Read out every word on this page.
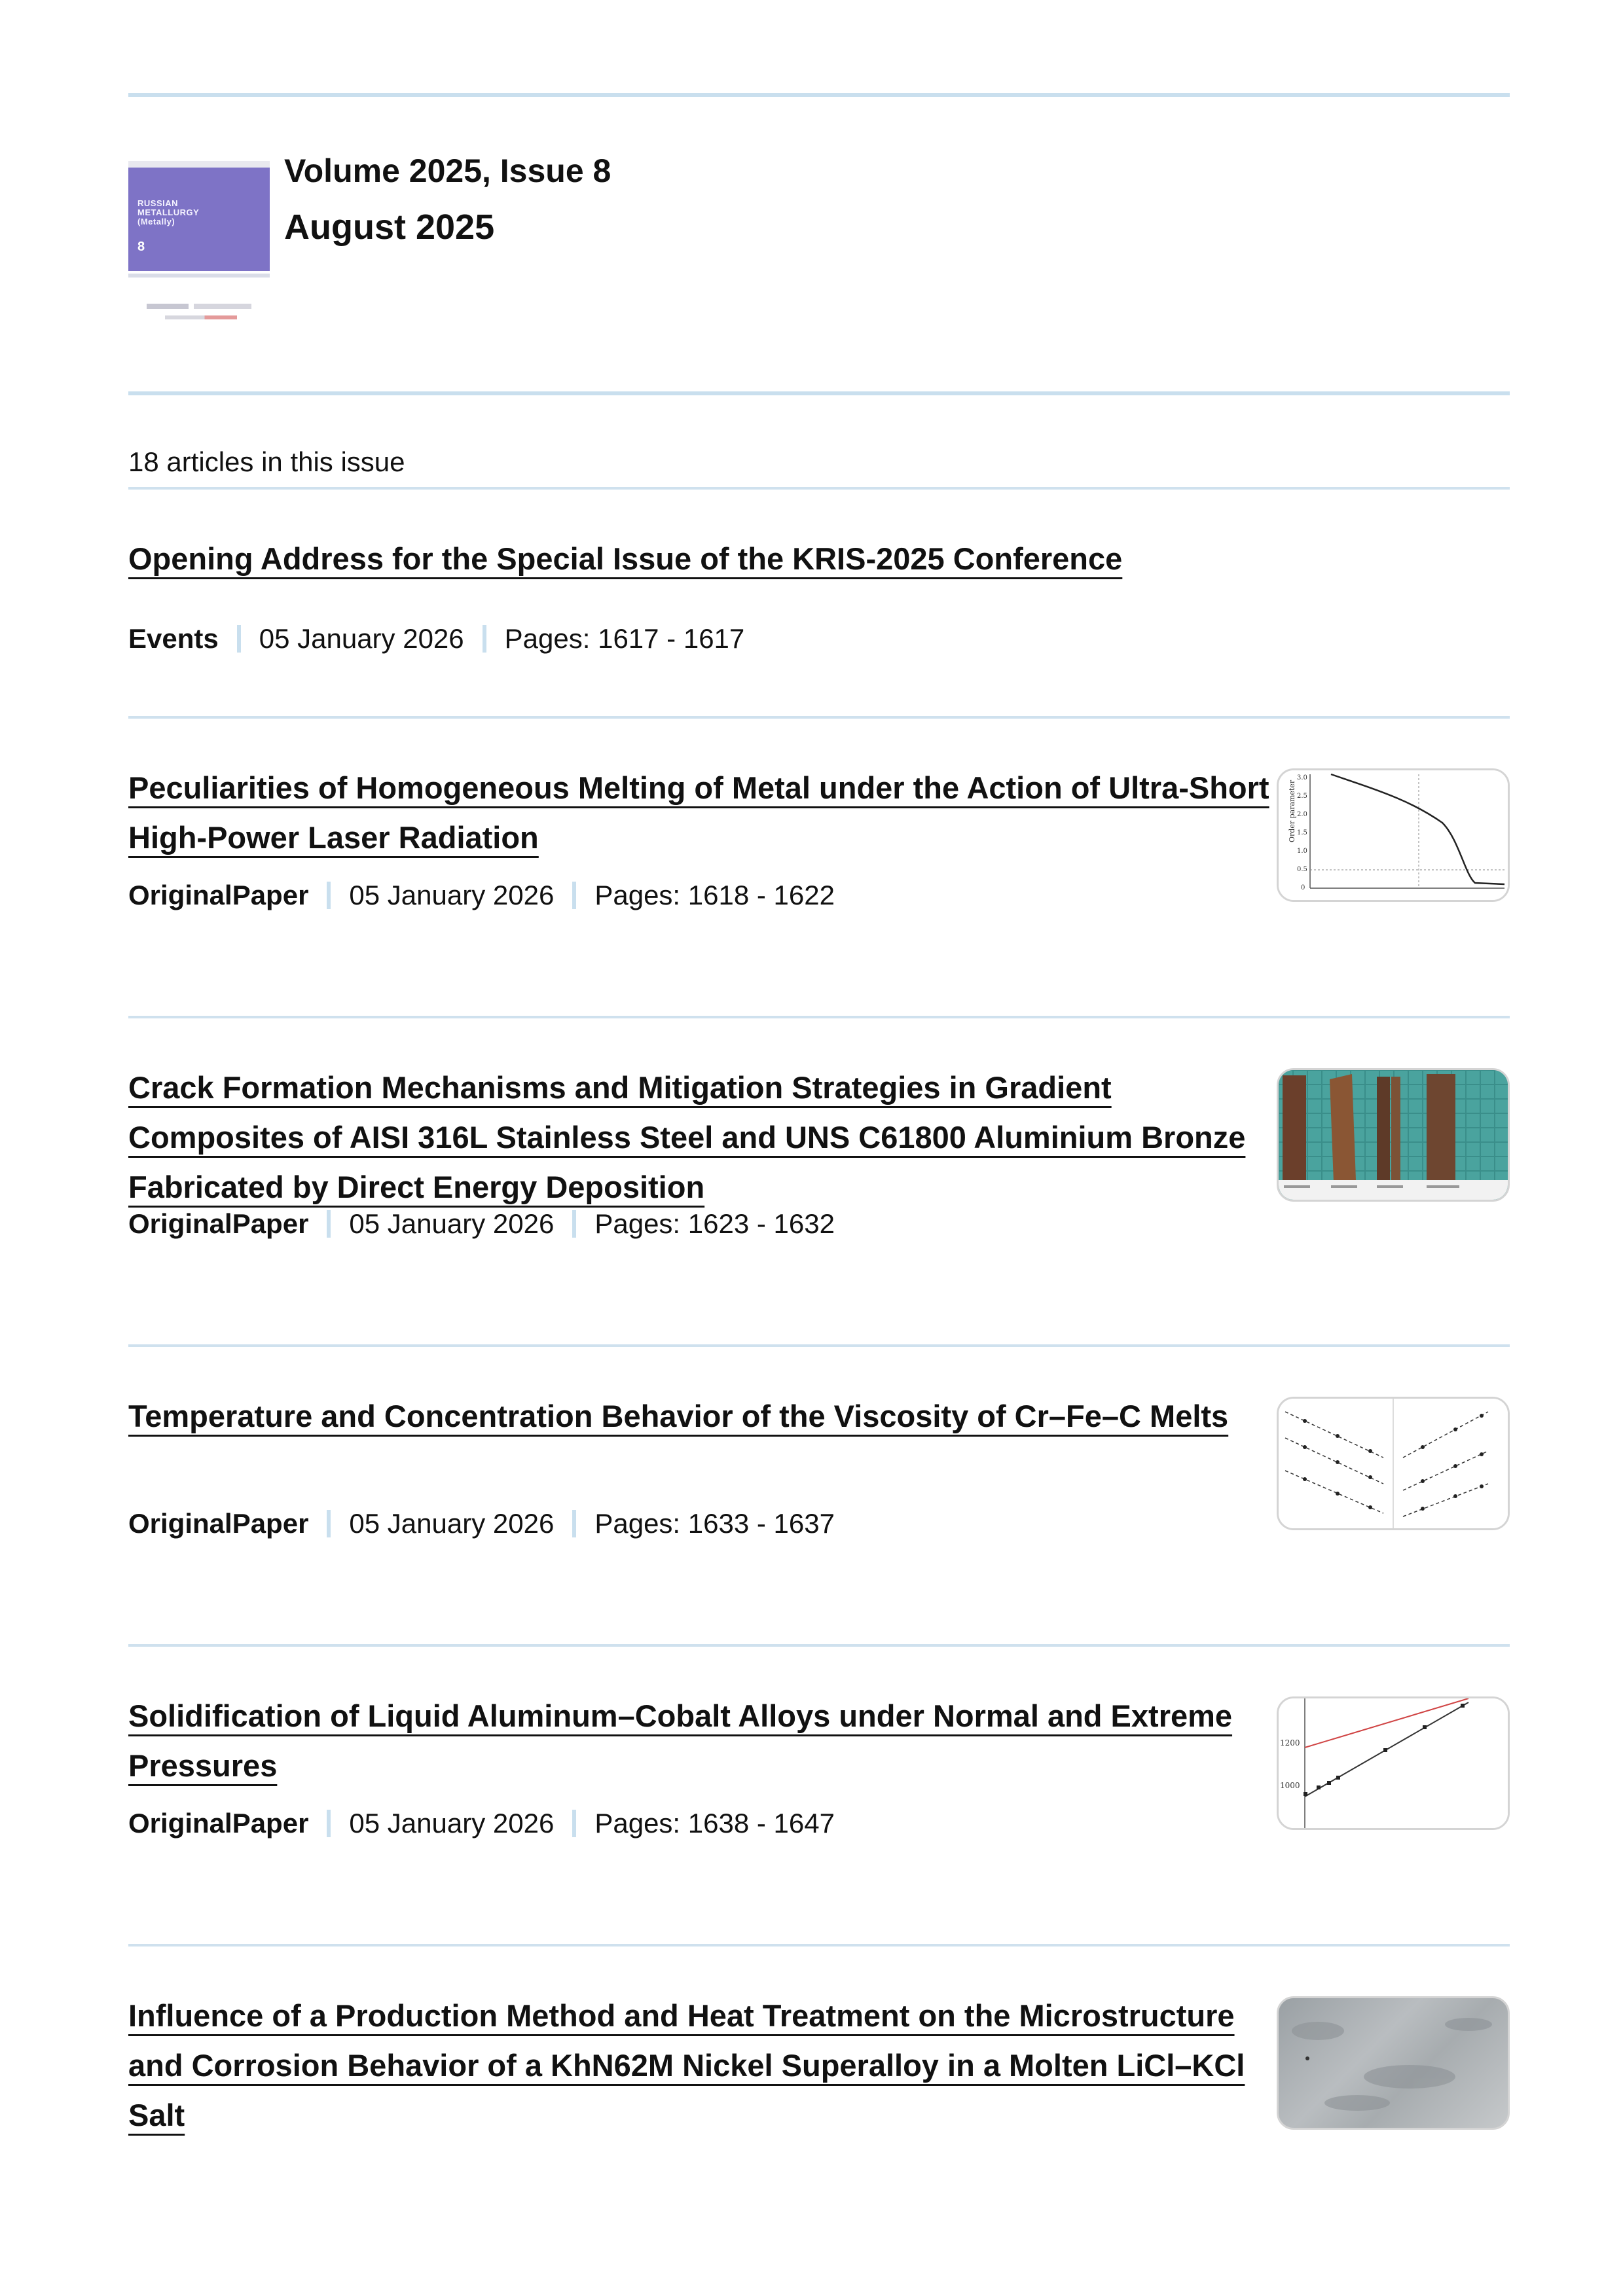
RUSSIAN
METALLURGY
(Metally)
8
Volume 2025, Issue 8
August 2025
18 articles in this issue
Opening Address for the Special Issue of the KRIS-2025 Conference
Events 05 January 2026 Pages: 1617 - 1617
Peculiarities of Homogeneous Melting of Metal under the Action of Ultra-Short High-Power Laser Radiation	Order parameter
3.0
2.5
2.0
1.5
1.0
0.5
0
OriginalPaper 05 January 2026 Pages: 1618 - 1622
Crack Formation Mechanisms and Mitigation Strategies in Gradient Composites of AISI 316L Stainless Steel and UNS C61800 Aluminium Bronze Fabricated by Direct Energy Deposition
OriginalPaper 05 January 2026 Pages: 1623 - 1632
Temperature and Concentration Behavior of the Viscosity of Cr–Fe–C Melts
OriginalPaper 05 January 2026 Pages: 1633 - 1637
Solidification of Liquid Aluminum–Cobalt Alloys under Normal and Extreme Pressures
1200
1000
OriginalPaper 05 January 2026 Pages: 1638 - 1647
Influence of a Production Method and Heat Treatment on the Microstructure and Corrosion Behavior of a KhN62M Nickel Superalloy in a Molten LiCl–KCl Salt
